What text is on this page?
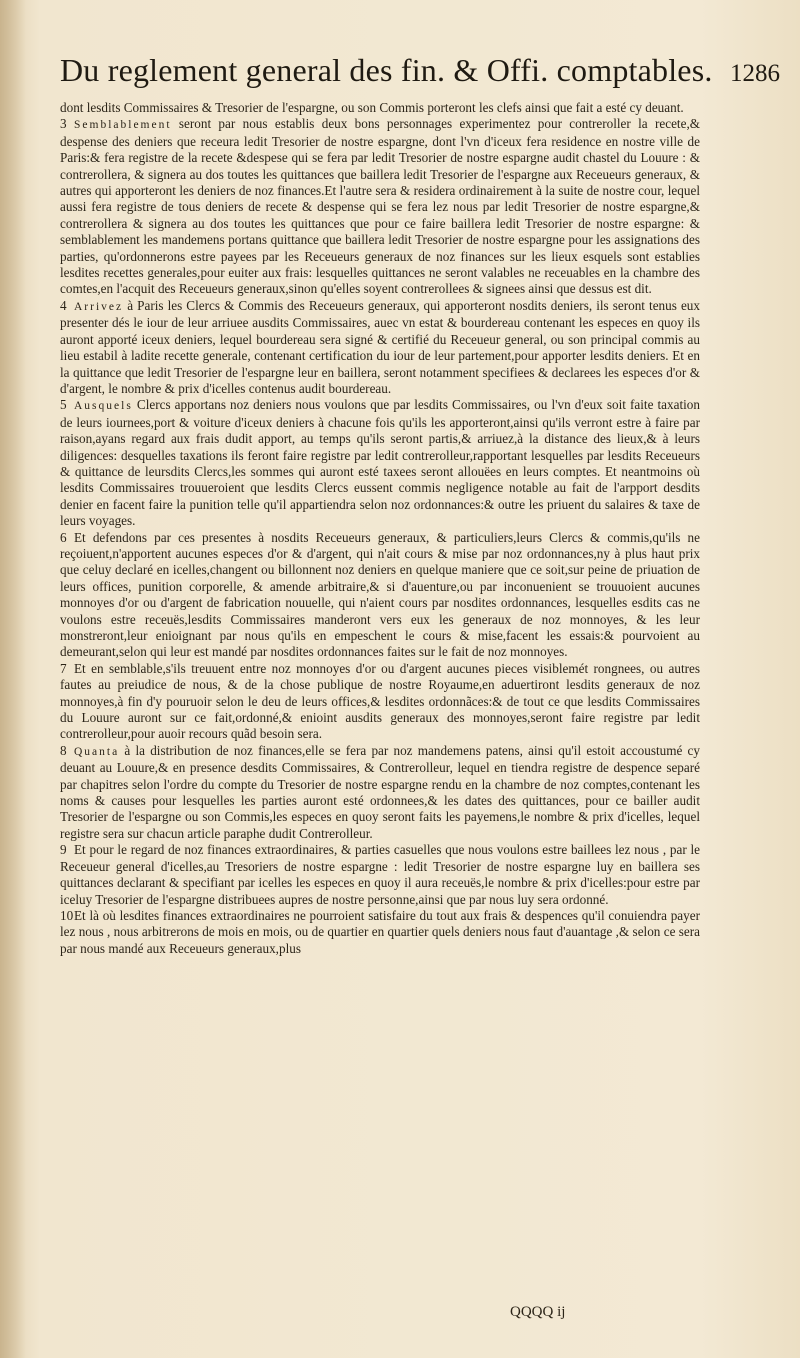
Du reglement general des fin. & Offi. comptables. 1286

dont lesdits Commissaires & Tresorier de l'espargne, ou son Commis porteront les clefs ainsi que fait a esté cy deuant.

3 Semblablement seront par nous establis deux bons personnages experimentez pour contreroller la recete,& despense des deniers que receura ledit Tresorier de nostre espargne, dont l'vn d'iceux fera residence en nostre ville de Paris:& fera registre de la recete &despese qui se fera par ledit Tresorier de nostre espargne audit chastel du Louure : & contrerollera, & signera au dos toutes les quittances que baillera ledit Tresorier de l'espargne aux Receueurs generaux, & autres qui apporteront les deniers de noz finances.Et l'autre sera & residera ordinairement à la suite de nostre cour, lequel aussi fera registre de tous deniers de recete & despense qui se fera lez nous par ledit Tresorier de nostre espargne,& contrerollera & signera au dos toutes les quittances que pour ce faire baillera ledit Tresorier de nostre espargne: & semblablement les mandemens portans quittance que baillera ledit Tresorier de nostre espargne pour les assignations des parties, qu'ordonnerons estre payees par les Receueurs generaux de noz finances sur les lieux esquels sont establies lesdites recettes generales,pour euiter aux frais: lesquelles quittances ne seront valables ne receuables en la chambre des comtes,en l'acquit des Receueurs generaux,sinon qu'elles soyent contrerollees & signees ainsi que dessus est dit.

4 Arrivez à Paris les Clercs & Commis des Receueurs generaux, qui apporteront nosdits deniers, ils seront tenus eux presenter dés le iour de leur arriuee ausdits Commissaires, auec vn estat & bourdereau contenant les especes en quoy ils auront apporté iceux deniers, lequel bourdereau sera signé & certifié du Receueur general, ou son principal commis au lieu estabil à ladite recette generale, contenant certification du iour de leur partement,pour apporter lesdits deniers. Et en la quittance que ledit Tresorier de l'espargne leur en baillera, seront notamment specifiees & declarees les especes d'or & d'argent, le nombre & prix d'icelles contenus audit bourdereau.

5 Ausquels Clercs apportans noz deniers nous voulons que par lesdits Commissaires, ou l'vn d'eux soit faite taxation de leurs iournees,port & voiture d'iceux deniers à chacune fois qu'ils les apporteront,ainsi qu'ils verront estre à faire par raison,ayans regard aux frais dudit apport, au temps qu'ils seront partis,& arriuez,à la distance des lieux,& à leurs diligences: desquelles taxations ils feront faire registre par ledit contrerolleur,rapportant lesquelles par lesdits Receueurs & quittance de leursdits Clercs,les sommes qui auront esté taxees seront allouëes en leurs comptes. Et neantmoins où lesdits Commissaires trouueroient que lesdits Clercs eussent commis negligence notable au fait de l'arpport desdits denier en facent faire la punition telle qu'il appartiendra selon noz ordonnances:& outre les priuent du salaires & taxe de leurs voyages.

6 Et defendons par ces presentes à nosdits Receueurs generaux, & particuliers,leurs Clercs & commis,qu'ils ne reçoiuent,n'apportent aucunes especes d'or & d'argent, qui n'ait cours & mise par noz ordonnances,ny à plus haut prix que celuy declaré en icelles,changent ou billonnent noz deniers en quelque maniere que ce soit,sur peine de priuation de leurs offices, punition corporelle, & amende arbitraire,& si d'auenture,ou par inconuenient se trouuoient aucunes monnoyes d'or ou d'argent de fabrication nouuelle, qui n'aient cours par nosdites ordonnances, lesquelles esdits cas ne voulons estre receuës,lesdits Commissaires manderont vers eux les generaux de noz monnoyes, & les leur monstreront,leur enioignant par nous qu'ils en empeschent le cours & mise,facent les essais:& pourvoient au demeurant,selon qui leur est mandé par nosdites ordonnances faites sur le fait de noz monnoyes.

7 Et en semblable,s'ils treuuent entre noz monnoyes d'or ou d'argent aucunes pieces visiblemét rongnees, ou autres fautes au preiudice de nous, & de la chose publique de nostre Royaume,en aduertiront lesdits generaux de noz monnoyes,à fin d'y pouruoir selon le deu de leurs offices,& lesdites ordonnãces:& de tout ce que lesdits Commissaires du Louure auront sur ce fait,ordonné,& enioint ausdits generaux des monnoyes,seront faire registre par ledit contrerolleur,pour auoir recours quãd besoin sera.

8 Quanta à la distribution de noz finances,elle se fera par noz mandemens patens, ainsi qu'il estoit accoustumé cy deuant au Louure,& en presence desdits Commissaires, & Contrerolleur, lequel en tiendra registre de despence separé par chapitres selon l'ordre du compte du Tresorier de nostre espargne rendu en la chambre de noz comptes,contenant les noms & causes pour lesquelles les parties auront esté ordonnees,& les dates des quittances, pour ce bailler audit Tresorier de l'espargne ou son Commis,les especes en quoy seront faits les payemens,le nombre & prix d'icelles, lequel registre sera sur chacun article paraphe dudit Contrerolleur.

9 Et pour le regard de noz finances extraordinaires, & parties casuelles que nous voulons estre baillees lez nous , par le Receueur general d'icelles,au Tresoriers de nostre espargne : ledit Tresorier de nostre espargne luy en baillera ses quittances declarant & specifiant par icelles les especes en quoy il aura receuës,le nombre & prix d'icelles:pour estre par iceluy Tresorier de l'espargne distribuees aupres de nostre personne,ainsi que par nous luy sera ordonné.

10Et là où lesdites finances extraordinaires ne pourroient satisfaire du tout aux frais & despences qu'il conuiendra payer lez nous , nous arbitrerons de mois en mois, ou de quartier en quartier quels deniers nous faut d'auantage ,& selon ce sera par nous mandé aux Receueurs generaux,plus

QQQQ ij
